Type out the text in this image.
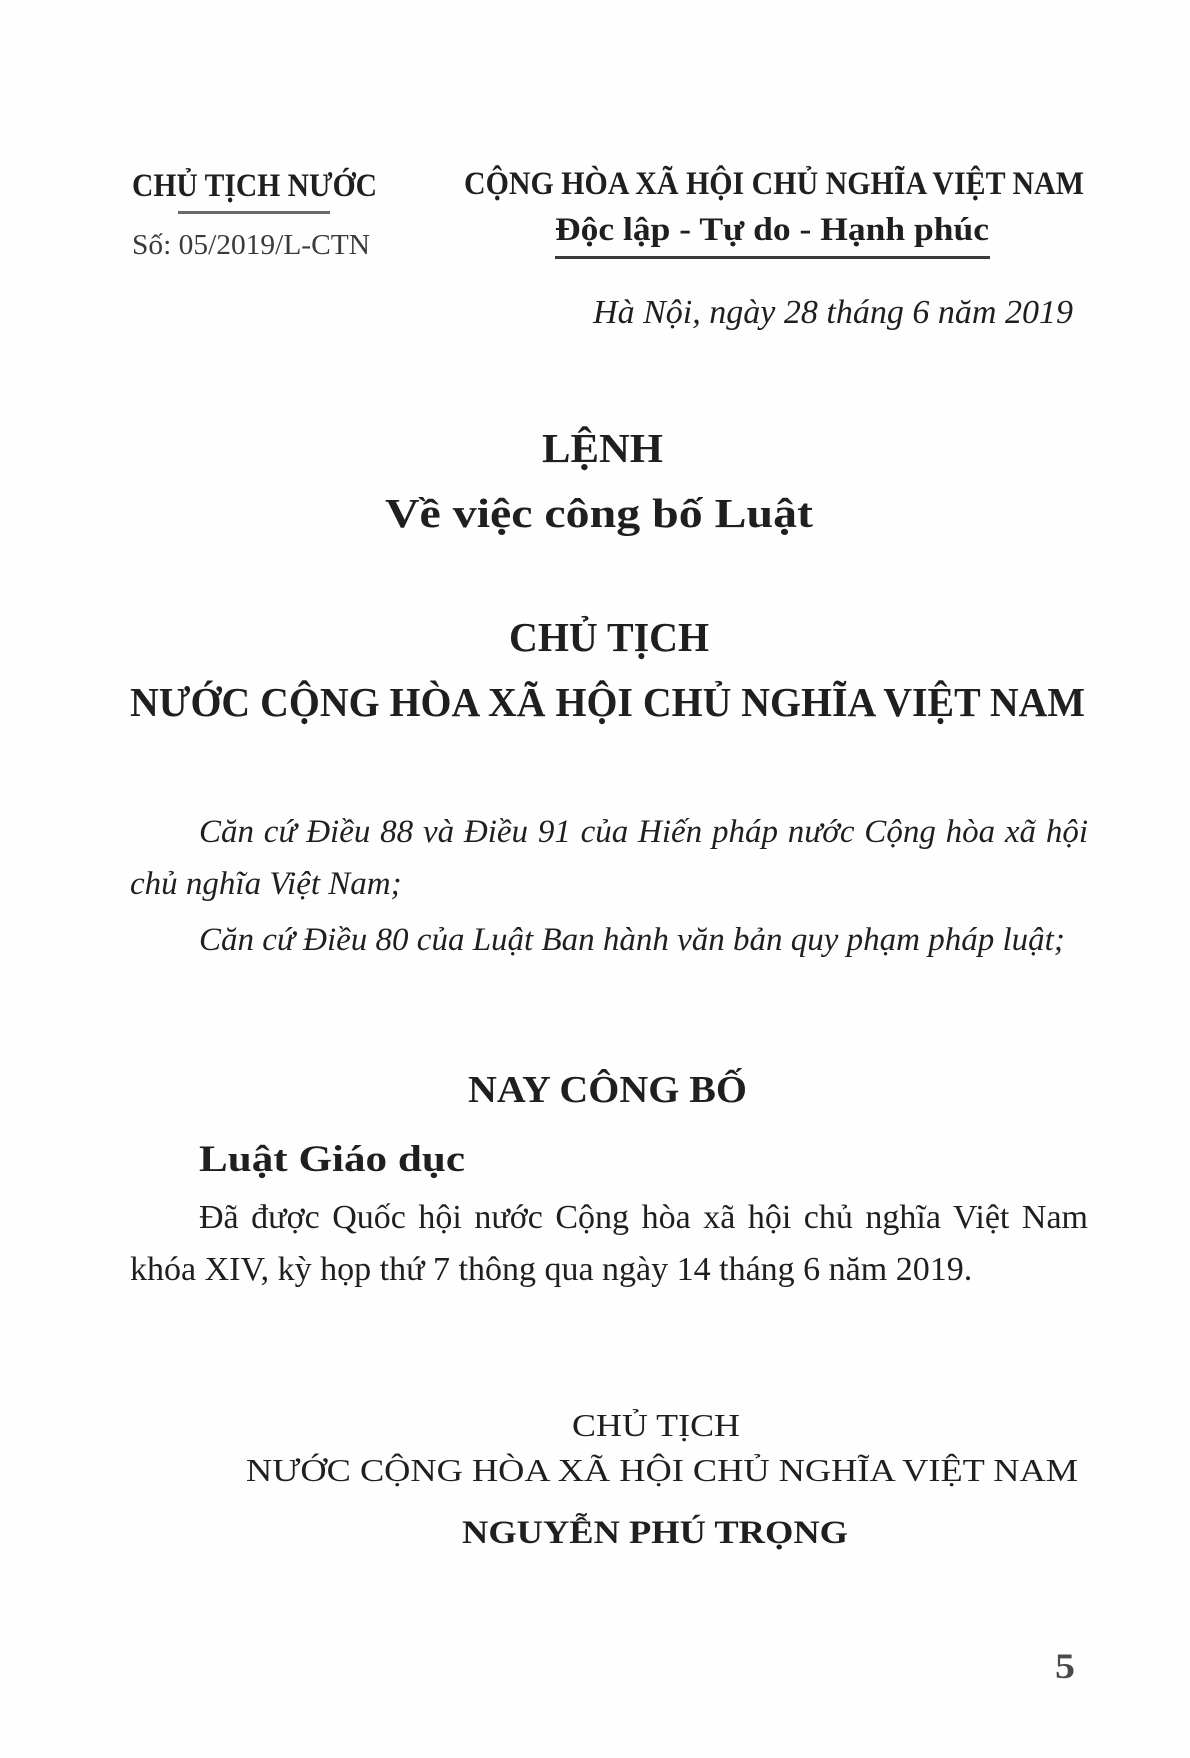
CHỦ TỊCH NƯỚC
Số: 05/2019/L-CTN
CỘNG HÒA XÃ HỘI CHỦ NGHĨA VIỆT NAM
Độc lập - Tự do - Hạnh phúc
Hà Nội, ngày 28 tháng 6 năm 2019
LỆNH
Về việc công bố Luật
CHỦ TỊCH
NƯỚC CỘNG HÒA XÃ HỘI CHỦ NGHĨA VIỆT NAM

Căn cứ Điều 88 và Điều 91 của Hiến pháp nước Cộng hòa xã hội chủ nghĩa Việt Nam;

Căn cứ Điều 80 của Luật Ban hành văn bản quy phạm pháp luật;

NAY CÔNG BỐ
Luật Giáo dục

Đã được Quốc hội nước Cộng hòa xã hội chủ nghĩa Việt Nam khóa XIV, kỳ họp thứ 7 thông qua ngày 14 tháng 6 năm 2019.

CHỦ TỊCH
NƯỚC CỘNG HÒA XÃ HỘI CHỦ NGHĨA VIỆT NAM
NGUYỄN PHÚ TRỌNG
5
